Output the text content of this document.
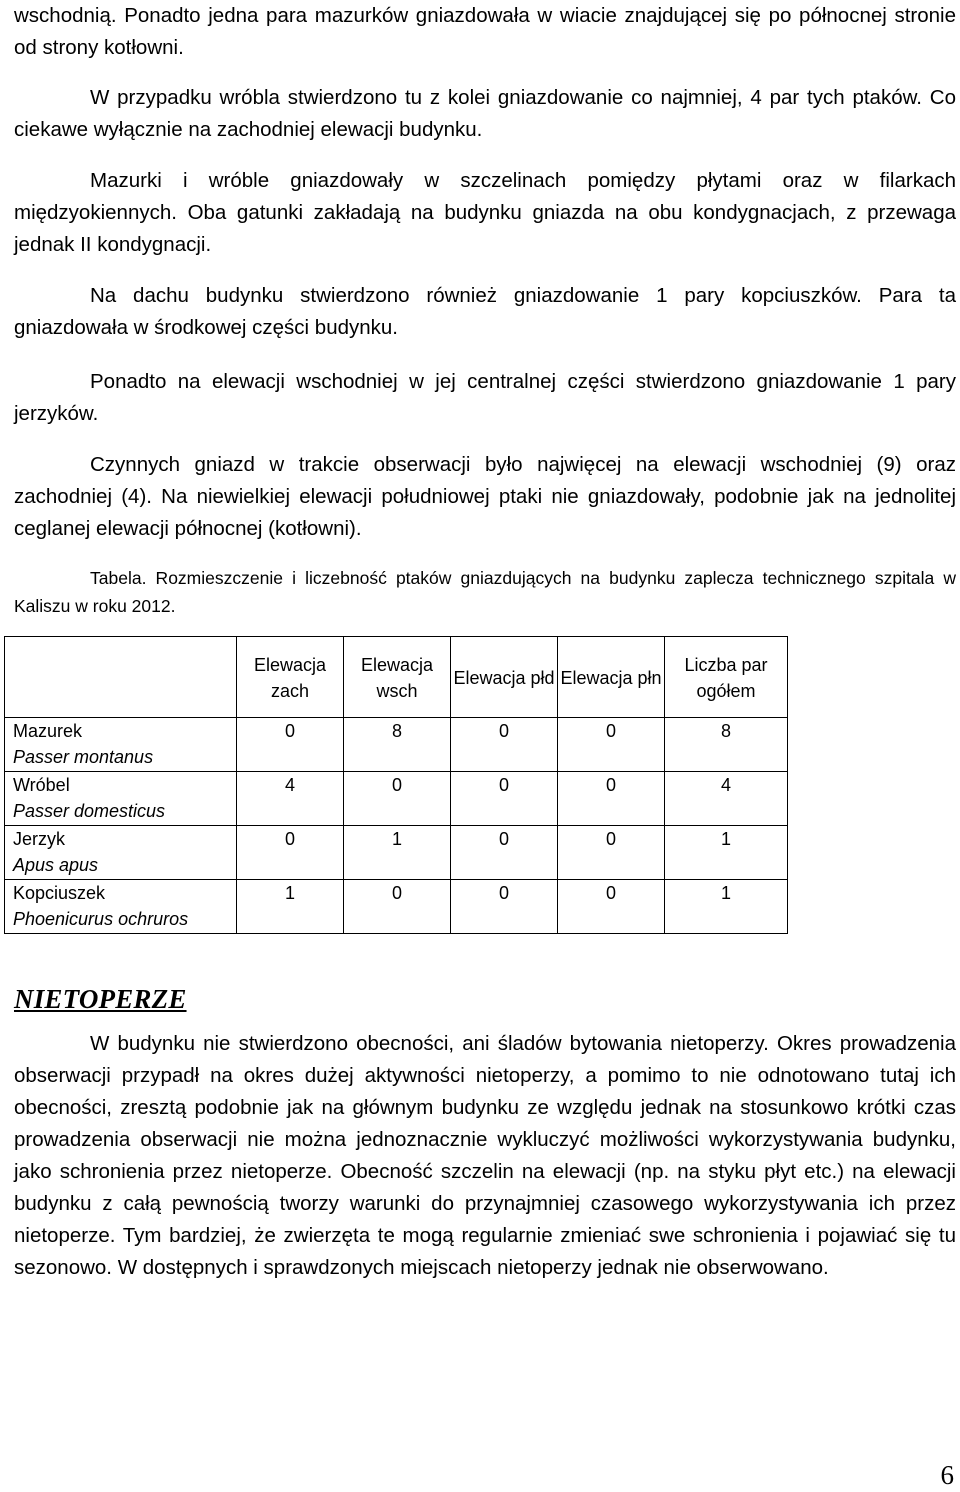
wschodnią. Ponadto jedna para mazurków gniazdowała w wiacie znajdującej się po północnej stronie od strony kotłowni.
W przypadku wróbla stwierdzono tu z kolei gniazdowanie co najmniej, 4 par tych ptaków. Co ciekawe wyłącznie na zachodniej elewacji budynku.
Mazurki i wróble gniazdowały w szczelinach pomiędzy płytami oraz w filarkach międzyokiennych. Oba gatunki zakładają na budynku gniazda na obu kondygnacjach, z przewaga jednak II kondygnacji.
Na dachu budynku stwierdzono również gniazdowanie 1 pary kopciuszków. Para ta gniazdowała w środkowej części budynku.
Ponadto na elewacji wschodniej w jej centralnej części stwierdzono gniazdowanie 1 pary jerzyków.
Czynnych gniazd w trakcie obserwacji było najwięcej na elewacji wschodniej (9) oraz zachodniej (4). Na niewielkiej elewacji południowej ptaki nie gniazdowały, podobnie jak na jednolitej ceglanej elewacji północnej (kotłowni).
Tabela. Rozmieszczenie i liczebność ptaków gniazdujących na budynku zaplecza technicznego szpitala w Kaliszu w roku 2012.
	Elewacja zach	Elewacja wsch	Elewacja płd	Elewacja płn	Liczba par ogółem
Mazurek
Passer montanus	0	8	0	0	8
Wróbel
Passer domesticus	4	0	0	0	4
Jerzyk
Apus apus	0	1	0	0	1
Kopciuszek
Phoenicurus ochruros	1	0	0	0	1
NIETOPERZE
W budynku nie stwierdzono obecności, ani śladów bytowania nietoperzy. Okres prowadzenia obserwacji przypadł na okres dużej aktywności nietoperzy, a pomimo to nie odnotowano tutaj ich obecności, zresztą podobnie jak na głównym budynku ze względu jednak na stosunkowo krótki czas prowadzenia obserwacji nie można jednoznacznie wykluczyć możliwości wykorzystywania budynku, jako schronienia przez nietoperze. Obecność szczelin na elewacji (np. na styku płyt etc.) na elewacji budynku z całą pewnością tworzy warunki do przynajmniej czasowego wykorzystywania ich przez nietoperze. Tym bardziej, że zwierzęta te mogą regularnie zmieniać swe schronienia i pojawiać się tu sezonowo. W dostępnych i sprawdzonych miejscach nietoperzy jednak nie obserwowano.
6
